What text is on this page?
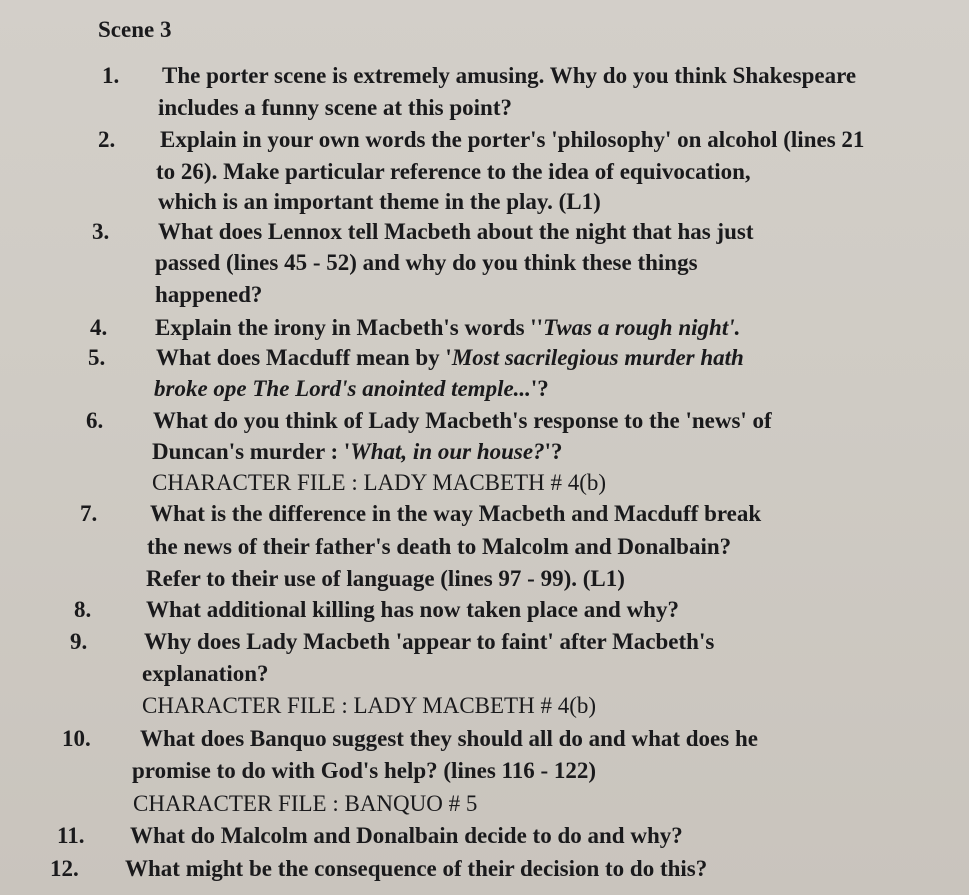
Scene 3
1. The porter scene is extremely amusing. Why do you think Shakespeare
includes a funny scene at this point?
2. Explain in your own words the porter's 'philosophy' on alcohol (lines 21
to 26). Make particular reference to the idea of equivocation,
which is an important theme in the play. (L1)
3. What does Lennox tell Macbeth about the night that has just
passed (lines 45 - 52) and why do you think these things
happened?
4. Explain the irony in Macbeth's words ''Twas a rough night'.
5. What does Macduff mean by 'Most sacrilegious murder hath
broke ope The Lord's anointed temple...'?
6. What do you think of Lady Macbeth's response to the 'news' of
Duncan's murder : 'What, in our house?'?
CHARACTER FILE : LADY MACBETH # 4(b)
7. What is the difference in the way Macbeth and Macduff break
the news of their father's death to Malcolm and Donalbain?
Refer to their use of language (lines 97 - 99). (L1)
8. What additional killing has now taken place and why?
9. Why does Lady Macbeth 'appear to faint' after Macbeth's
explanation?
CHARACTER FILE : LADY MACBETH # 4(b)
10. What does Banquo suggest they should all do and what does he
promise to do with God's help? (lines 116 - 122)
CHARACTER FILE : BANQUO # 5
11. What do Malcolm and Donalbain decide to do and why?
12. What might be the consequence of their decision to do this?
